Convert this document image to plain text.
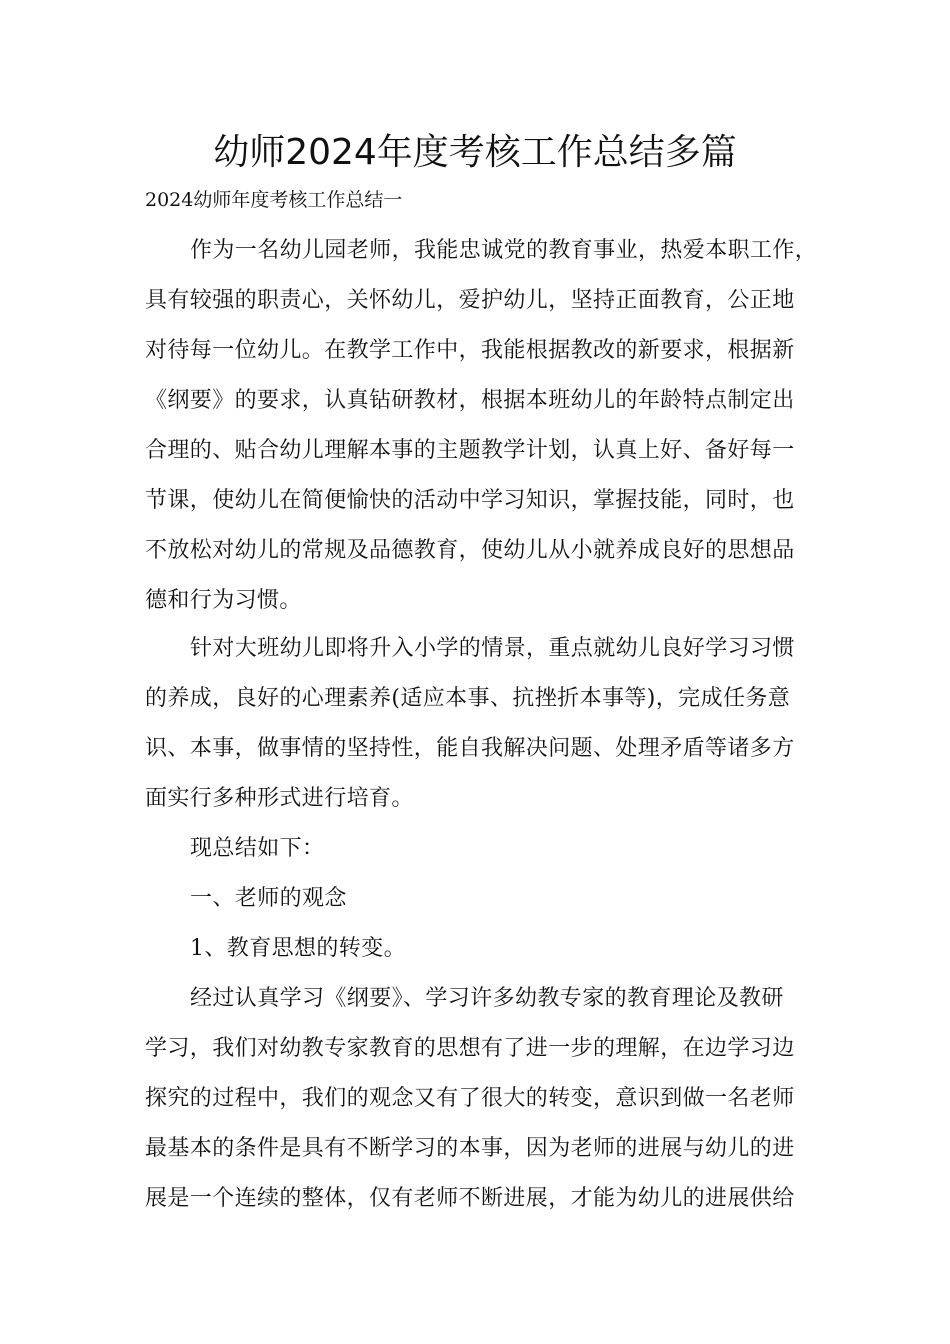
幼师2024年度考核工作总结多篇

2024幼师年度考核工作总结一

作为一名幼儿园老师，我能忠诚党的教育事业，热爱本职工作，

具有较强的职责心，关怀幼儿，爱护幼儿，坚持正面教育，公正地

对待每一位幼儿。在教学工作中，我能根据教改的新要求，根据新

《纲要》的要求，认真钻研教材，根据本班幼儿的年龄特点制定出

合理的、贴合幼儿理解本事的主题教学计划，认真上好、备好每一

节课，使幼儿在简便愉快的活动中学习知识，掌握技能，同时，也

不放松对幼儿的常规及品德教育，使幼儿从小就养成良好的思想品

德和行为习惯。

针对大班幼儿即将升入小学的情景，重点就幼儿良好学习习惯

的养成，良好的心理素养(适应本事、抗挫折本事等)，完成任务意

识、本事，做事情的坚持性，能自我解决问题、处理矛盾等诸多方

面实行多种形式进行培育。

现总结如下：

一、老师的观念

1、教育思想的转变。

经过认真学习《纲要》、学习许多幼教专家的教育理论及教研

学习，我们对幼教专家教育的思想有了进一步的理解，在边学习边

探究的过程中，我们的观念又有了很大的转变，意识到做一名老师

最基本的条件是具有不断学习的本事，因为老师的进展与幼儿的进

展是一个连续的整体，仅有老师不断进展，才能为幼儿的进展供给
